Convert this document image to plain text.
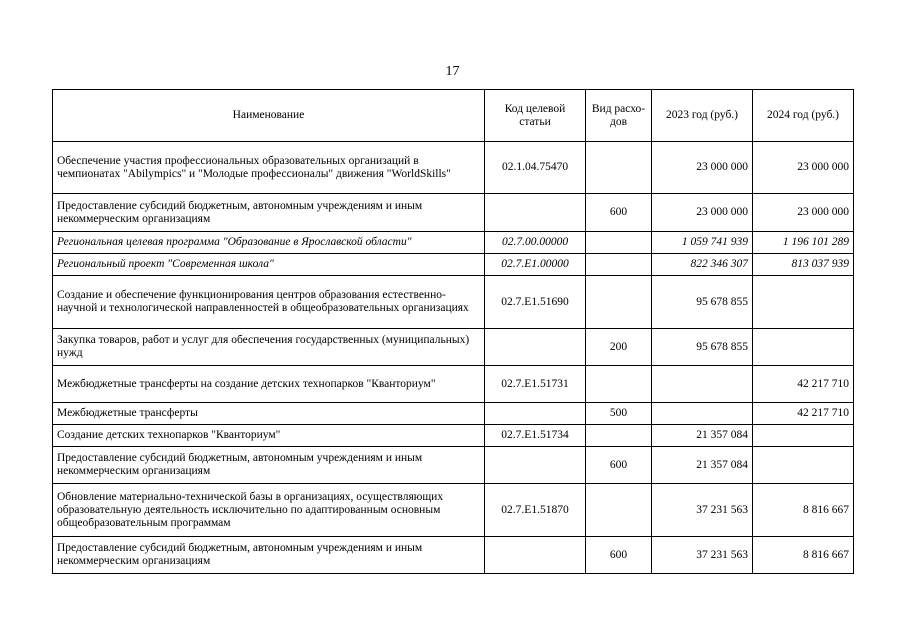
17
Наименование	Код целевой статьи	Вид расхо-дов	2023 год (руб.)	2024 год (руб.)
Обеспечение участия профессиональных образовательных организаций в чемпионатах "Abilympics" и "Молодые профессионалы" движения "WorldSkills"	02.1.04.75470		23 000 000	23 000 000
Предоставление субсидий бюджетным, автономным учреждениям и иным некоммерческим организациям		600	23 000 000	23 000 000
Региональная целевая программа "Образование в Ярославской области"	02.7.00.00000		1 059 741 939	1 196 101 289
Региональный проект "Современная школа"	02.7.E1.00000		822 346 307	813 037 939
Создание и обеспечение функционирования центров образования естественно-научной и технологической направленностей в общеобразовательных организациях	02.7.E1.51690		95 678 855	
Закупка товаров, работ и услуг для обеспечения государственных (муниципальных) нужд		200	95 678 855	
Межбюджетные трансферты на создание детских технопарков "Кванториум"	02.7.E1.51731			42 217 710
Межбюджетные трансферты		500		42 217 710
Создание детских технопарков "Кванториум"	02.7.E1.51734		21 357 084	
Предоставление субсидий бюджетным, автономным учреждениям и иным некоммерческим организациям		600	21 357 084	
Обновление материально-технической базы в организациях, осуществляющих образовательную деятельность исключительно по адаптированным основным общеобразовательным программам	02.7.E1.51870		37 231 563	8 816 667
Предоставление субсидий бюджетным, автономным учреждениям и иным некоммерческим организациям		600	37 231 563	8 816 667
